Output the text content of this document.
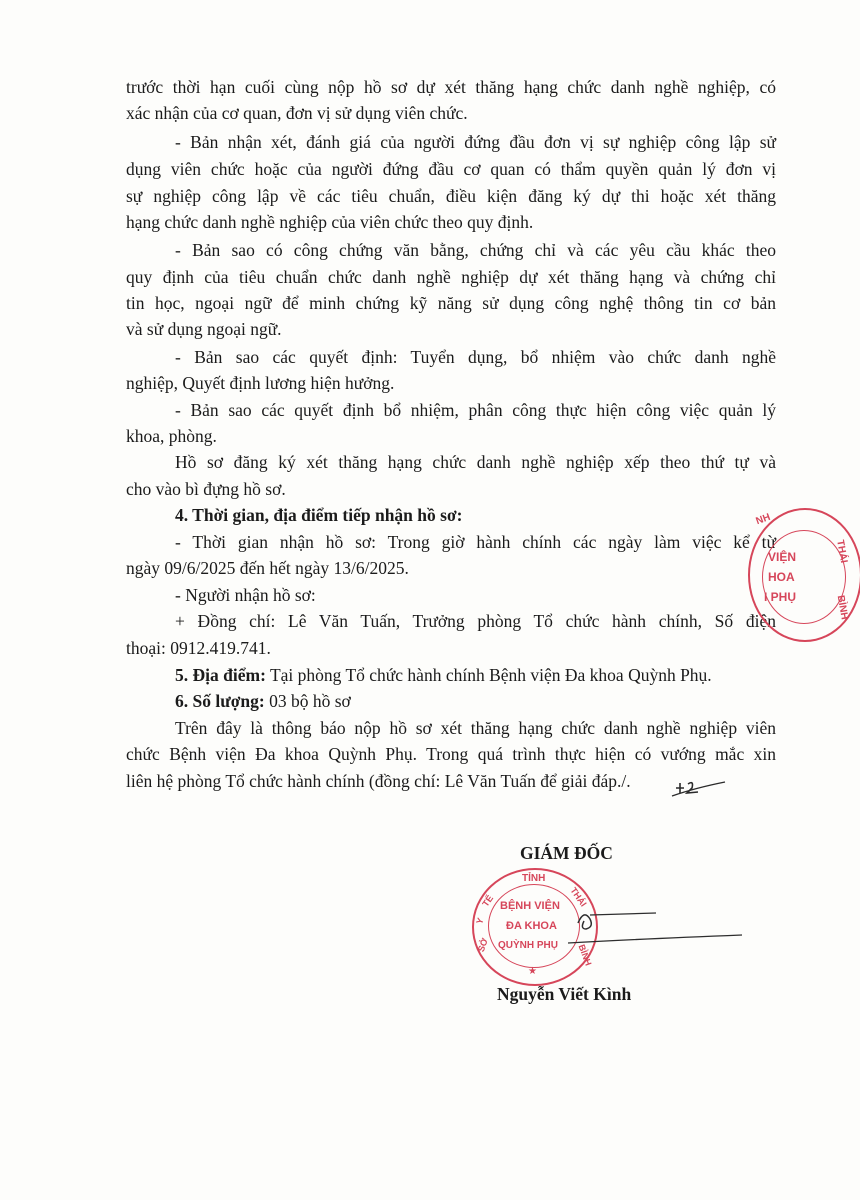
trước thời hạn cuối cùng nộp hồ sơ dự xét thăng hạng chức danh nghề nghiệp, có

xác nhận của cơ quan, đơn vị sử dụng viên chức.

- Bản nhận xét, đánh giá của người đứng đầu đơn vị sự nghiệp công lập sử

dụng viên chức hoặc của người đứng đầu cơ quan có thẩm quyền quản lý đơn vị

sự nghiệp công lập về các tiêu chuẩn, điều kiện đăng ký dự thi hoặc xét thăng

hạng chức danh nghề nghiệp của viên chức theo quy định.

- Bản sao có công chứng văn bằng, chứng chỉ và các yêu cầu khác theo

quy định của tiêu chuẩn chức danh nghề nghiệp dự xét thăng hạng và chứng chỉ

tin học, ngoại ngữ để minh chứng kỹ năng sử dụng công nghệ thông tin cơ bản

và sử dụng ngoại ngữ.

- Bản sao các quyết định: Tuyển dụng, bổ nhiệm vào chức danh nghề

nghiệp, Quyết định lương hiện hưởng.

- Bản sao các quyết định bổ nhiệm, phân công thực hiện công việc quản lý

khoa, phòng.

Hồ sơ đăng ký xét thăng hạng chức danh nghề nghiệp xếp theo thứ tự và

cho vào bì đựng hồ sơ.

4. Thời gian, địa điểm tiếp nhận hồ sơ:

- Thời gian nhận hồ sơ: Trong giờ hành chính các ngày làm việc kể từ

ngày 09/6/2025 đến hết ngày 13/6/2025.

- Người nhận hồ sơ:

+ Đồng chí: Lê Văn Tuấn, Trưởng phòng Tổ chức hành chính, Số điện

thoại: 0912.419.741.

5. Địa điểm: Tại phòng Tổ chức hành chính Bệnh viện Đa khoa Quỳnh Phụ.

6. Số lượng: 03 bộ hồ sơ

Trên đây là thông báo nộp hồ sơ xét thăng hạng chức danh nghề nghiệp viên

chức Bệnh viện Đa khoa Quỳnh Phụ. Trong quá trình thực hiện có vướng mắc xin

liên hệ phòng Tổ chức hành chính (đồng chí: Lê Văn Tuấn để giải đáp./.

VIỆN
HOA
I PHỤ
NH
THÁI
BÌNH
GIÁM ĐỐC
TỈNH
SỞ
Y
TẾ	THÁI
BÌNH
BỆNH VIỆN
ĐA KHOA
QUỲNH PHỤ
★
Nguyễn Viết Kình
